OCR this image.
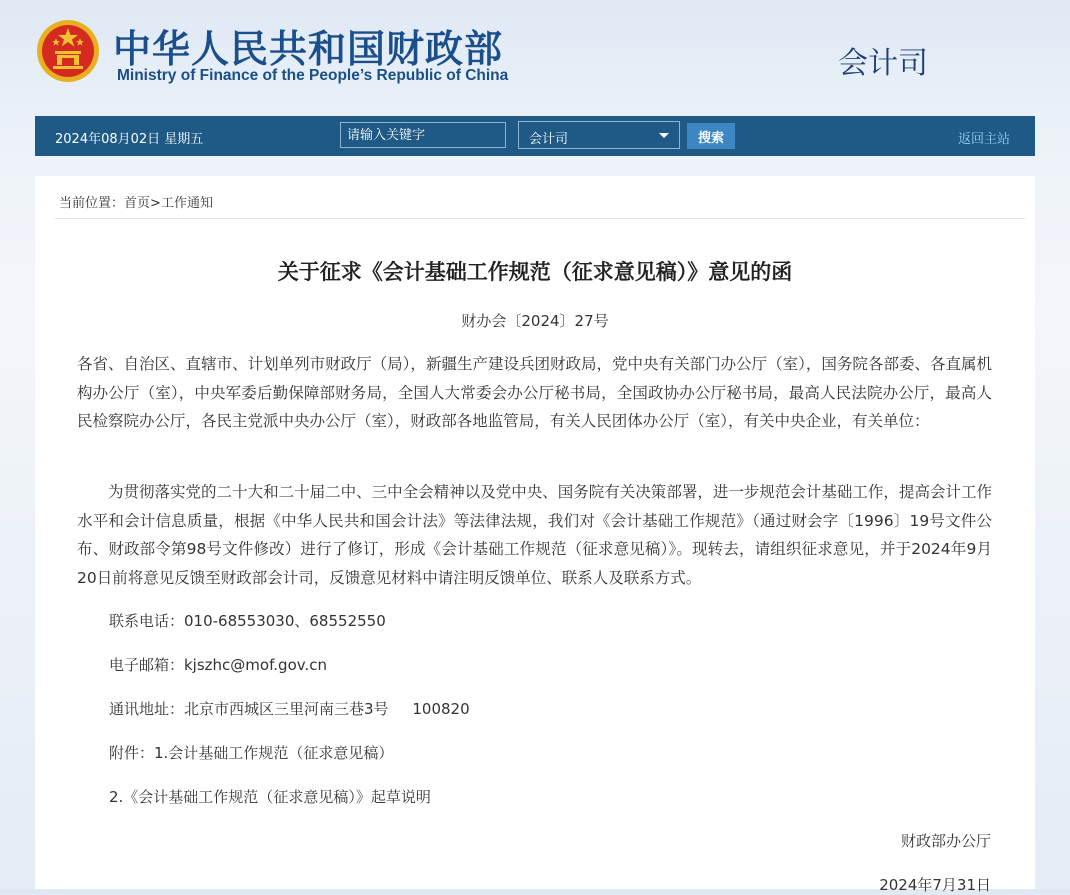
中华人民共和国财政部
Ministry of Finance of the People’s Republic of China	会计司
2024年08月02日 星期五
请输入关键字	会计司	搜索	返回主站
当前位置：首页>工作通知
关于征求《会计基础工作规范（征求意见稿）》意见的函
财办会〔2024〕27号
各省、自治区、直辖市、计划单列市财政厅（局），新疆生产建设兵团财政局，党中央有关部门办公厅（室），国务院各部委、各直属机构办公厅（室），中央军委后勤保障部财务局，全国人大常委会办公厅秘书局，全国政协办公厅秘书局，最高人民法院办公厅，最高人民检察院办公厅，各民主党派中央办公厅（室），财政部各地监管局，有关人民团体办公厅（室），有关中央企业，有关单位：
为贯彻落实党的二十大和二十届二中、三中全会精神以及党中央、国务院有关决策部署，进一步规范会计基础工作，提高会计工作水平和会计信息质量，根据《中华人民共和国会计法》等法律法规，我们对《会计基础工作规范》（通过财会字〔1996〕19号文件公布、财政部令第98号文件修改）进行了修订，形成《会计基础工作规范（征求意见稿）》。现转去，请组织征求意见，并于2024年9月20日前将意见反馈至财政部会计司，反馈意见材料中请注明反馈单位、联系人及联系方式。
联系电话：010-68553030、68552550
电子邮箱：kjszhc@mof.gov.cn
通讯地址：北京市西城区三里河南三巷3号     100820
附件：1.会计基础工作规范（征求意见稿）
2.《会计基础工作规范（征求意见稿）》起草说明
财政部办公厅
2024年7月31日
